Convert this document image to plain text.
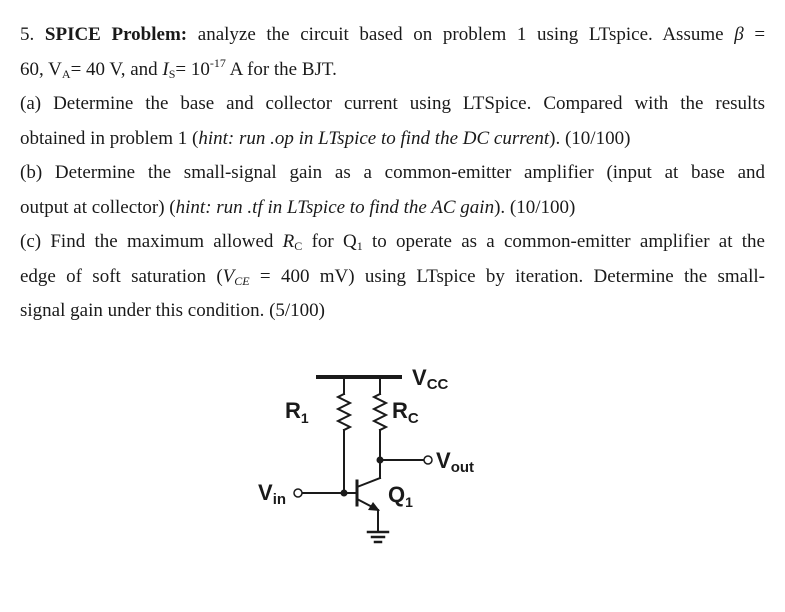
5. SPICE Problem: analyze the circuit based on problem 1 using LTspice. Assume β =
60, $V_A= 40$ V, and $I_S= 10^{-17}$ A for the BJT.
(a) Determine the base and collector current using LTSpice. Compared with the results
obtained in problem 1 (hint: run .op in LTspice to find the DC current). (10/100)
(b) Determine the small-signal gain as a common-emitter amplifier (input at base and
output at collector) (hint: run .tf in LTspice to find the AC gain). (10/100)
(c) Find the maximum allowed $R_C$ for $Q_1$ to operate as a common-emitter amplifier at the
edge of soft saturation ($V_{CE} = 400$ mV) using LTspice by iteration. Determine the small-
signal gain under this condition. (5/100)
VCC
$R_1$	$R_C$
Vout
Vin	$Q_1$
